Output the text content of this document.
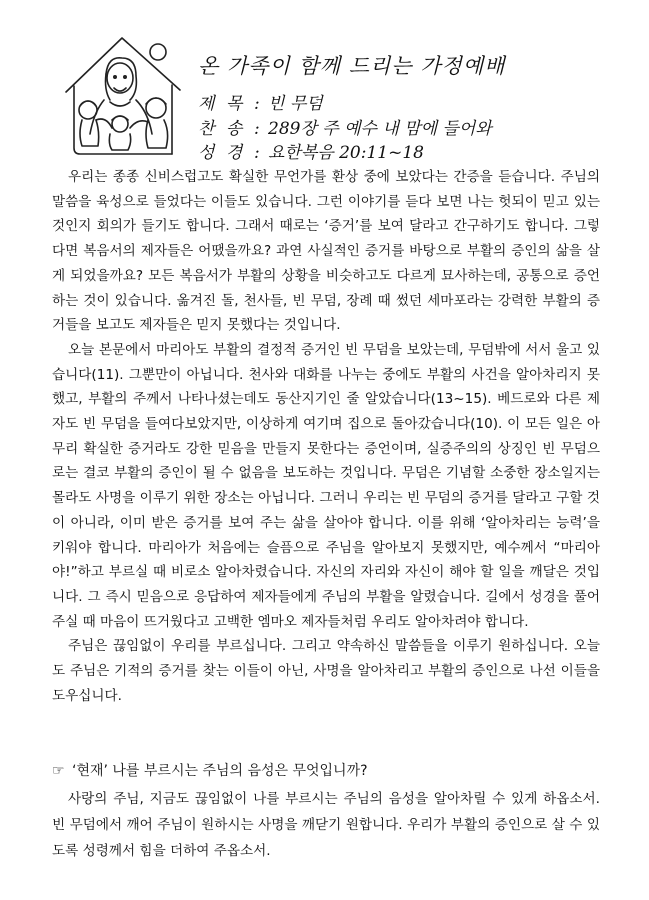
온 가족이 함께 드리는 가정예배
제 목 : 빈 무덤
찬 송 : 289장 주 예수 내 맘에 들어와
성 경 : 요한복음 20:11~18

우리는 종종 신비스럽고도 확실한 무언가를 환상 중에 보았다는 간증을 듣습니다. 주님의 말씀을 육성으로 들었다는 이들도 있습니다. 그런 이야기를 듣다 보면 나는 헛되이 믿고 있는 것인지 회의가 들기도 합니다. 그래서 때로는 ‘증거’를 보여 달라고 간구하기도 합니다. 그렇다면 복음서의 제자들은 어땠을까요? 과연 사실적인 증거를 바탕으로 부활의 증인의 삶을 살게 되었을까요? 모든 복음서가 부활의 상황을 비슷하고도 다르게 묘사하는데, 공통으로 증언하는 것이 있습니다. 옮겨진 돌, 천사들, 빈 무덤, 장례 때 썼던 세마포라는 강력한 부활의 증거들을 보고도 제자들은 믿지 못했다는 것입니다.

오늘 본문에서 마리아도 부활의 결정적 증거인 빈 무덤을 보았는데, 무덤밖에 서서 울고 있습니다(11). 그뿐만이 아닙니다. 천사와 대화를 나누는 중에도 부활의 사건을 알아차리지 못했고, 부활의 주께서 나타나셨는데도 동산지기인 줄 알았습니다(13~15). 베드로와 다른 제자도 빈 무덤을 들여다보았지만, 이상하게 여기며 집으로 돌아갔습니다(10). 이 모든 일은 아무리 확실한 증거라도 강한 믿음을 만들지 못한다는 증언이며, 실증주의의 상징인 빈 무덤으로는 결코 부활의 증인이 될 수 없음을 보도하는 것입니다. 무덤은 기념할 소중한 장소일지는 몰라도 사명을 이루기 위한 장소는 아닙니다. 그러니 우리는 빈 무덤의 증거를 달라고 구할 것이 아니라, 이미 받은 증거를 보여 주는 삶을 살아야 합니다. 이를 위해 ‘알아차리는 능력’을 키워야 합니다. 마리아가 처음에는 슬픔으로 주님을 알아보지 못했지만, 예수께서 “마리아야!”하고 부르실 때 비로소 알아차렸습니다. 자신의 자리와 자신이 해야 할 일을 깨달은 것입니다. 그 즉시 믿음으로 응답하여 제자들에게 주님의 부활을 알렸습니다. 길에서 성경을 풀어 주실 때 마음이 뜨거웠다고 고백한 엠마오 제자들처럼 우리도 알아차려야 합니다.

주님은 끊임없이 우리를 부르십니다. 그리고 약속하신 말씀들을 이루기 원하십니다. 오늘도 주님은 기적의 증거를 찾는 이들이 아닌, 사명을 알아차리고 부활의 증인으로 나선 이들을 도우십니다.

☞ ‘현재’ 나를 부르시는 주님의 음성은 무엇입니까?

사랑의 주님, 지금도 끊임없이 나를 부르시는 주님의 음성을 알아차릴 수 있게 하옵소서. 빈 무덤에서 깨어 주님이 원하시는 사명을 깨닫기 원합니다. 우리가 부활의 증인으로 살 수 있도록 성령께서 힘을 더하여 주옵소서.
